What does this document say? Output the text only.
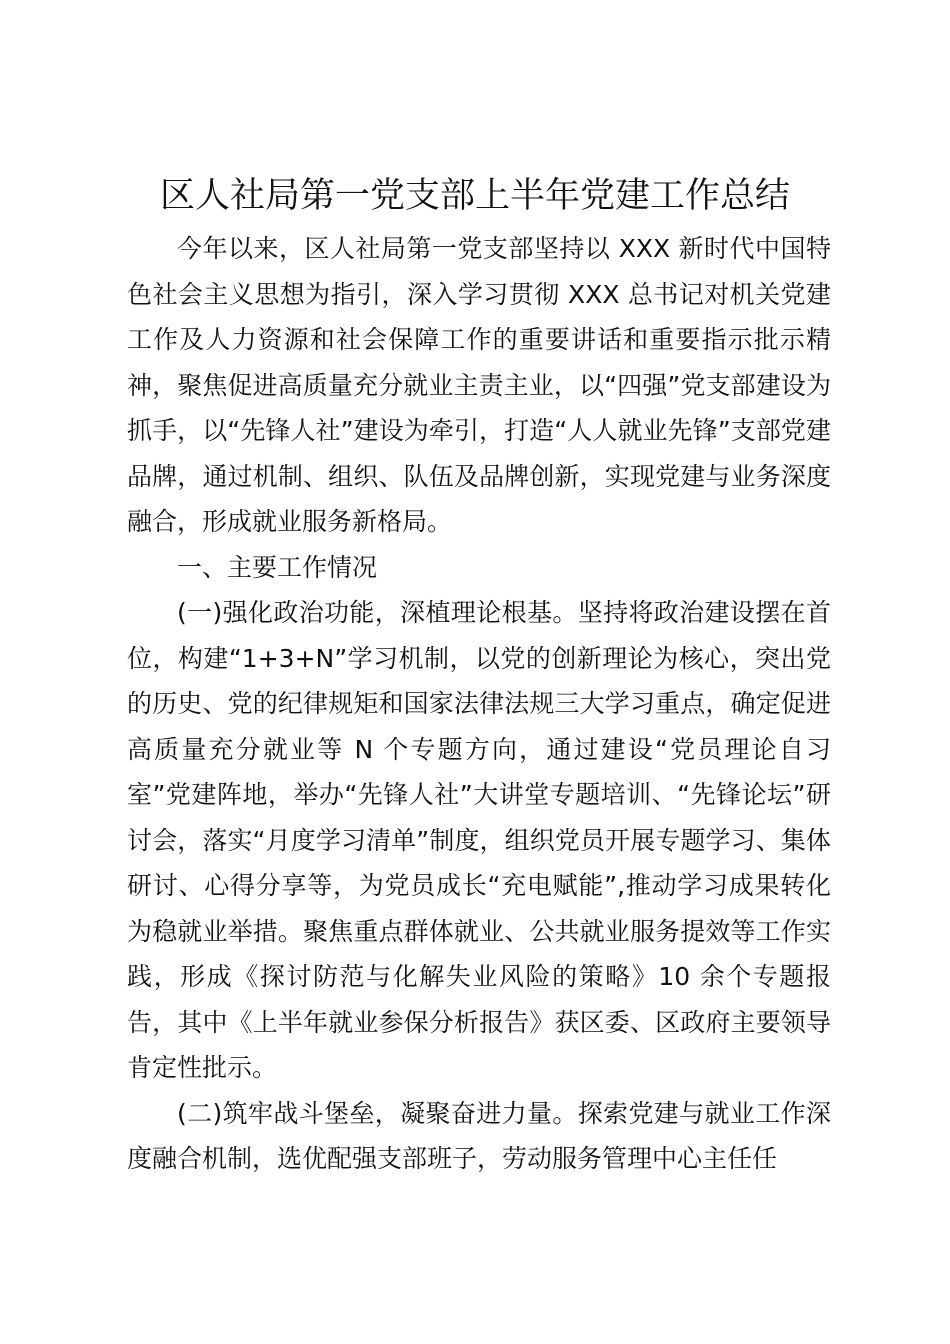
区人社局第一党支部上半年党建工作总结

今年以来，区人社局第一党支部坚持以 XXX 新时代中国特色社会主义思想为指引，深入学习贯彻 XXX 总书记对机关党建工作及人力资源和社会保障工作的重要讲话和重要指示批示精神，聚焦促进高质量充分就业主责主业，以“四强”党支部建设为抓手，以“先锋人社”建设为牵引，打造“人人就业先锋”支部党建品牌，通过机制、组织、队伍及品牌创新，实现党建与业务深度融合，形成就业服务新格局。

一、主要工作情况

(一)强化政治功能，深植理论根基。坚持将政治建设摆在首位，构建“1+3+N”学习机制，以党的创新理论为核心，突出党的历史、党的纪律规矩和国家法律法规三大学习重点，确定促进高质量充分就业等 N 个专题方向，通过建设“党员理论自习室”党建阵地，举办“先锋人社”大讲堂专题培训、“先锋论坛”研讨会，落实“月度学习清单”制度，组织党员开展专题学习、集体研讨、心得分享等，为党员成长“充电赋能”,推动学习成果转化为稳就业举措。聚焦重点群体就业、公共就业服务提效等工作实践，形成《探讨防范与化解失业风险的策略》10 余个专题报告，其中《上半年就业参保分析报告》获区委、区政府主要领导肯定性批示。

(二)筑牢战斗堡垒，凝聚奋进力量。探索党建与就业工作深度融合机制，选优配强支部班子，劳动服务管理中心主任任
